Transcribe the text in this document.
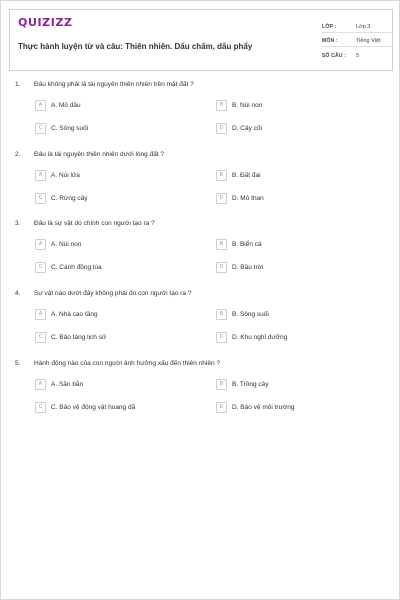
QUIZIZZ
Thực hành luyện từ và câu: Thiên nhiên. Dấu chấm, dấu phẩy
LỚP :	Lớp 3
MÔN :	Tiếng Việt
SỐ CÂU :	5
1. Đâu không phải là tài nguyên thiên nhiên trên mặt đất ?
A	A. Mỏ dầu	B	B. Núi non
C	C. Sông suối	D	D. Cây cối
2. Đâu là tài nguyên thiên nhiên dưới lòng đất ?
A	A. Núi lửa	B	B. Đất đai
C	C. Rừng cây	D	D. Mỏ than
3. Đâu là sự vật do chính con người tạo ra ?
A	A. Núi non	B	B. Biển cả
C	C. Cánh đồng lúa	D	D. Bầu trời
4. Sự vật nào dưới đây không phải do con người tạo ra ?
A	A. Nhà cao tầng	B	B. Sông suối
C	C. Bảo tàng lịch sử	D	D. Khu nghỉ dưỡng
5. Hành động nào của con người ảnh hưởng xấu đến thiên nhiên ?
A	A. Săn bắn	B	B. Trồng cây
C	C. Bảo vệ động vật hoang dã	D	D. Bảo vệ môi trường
